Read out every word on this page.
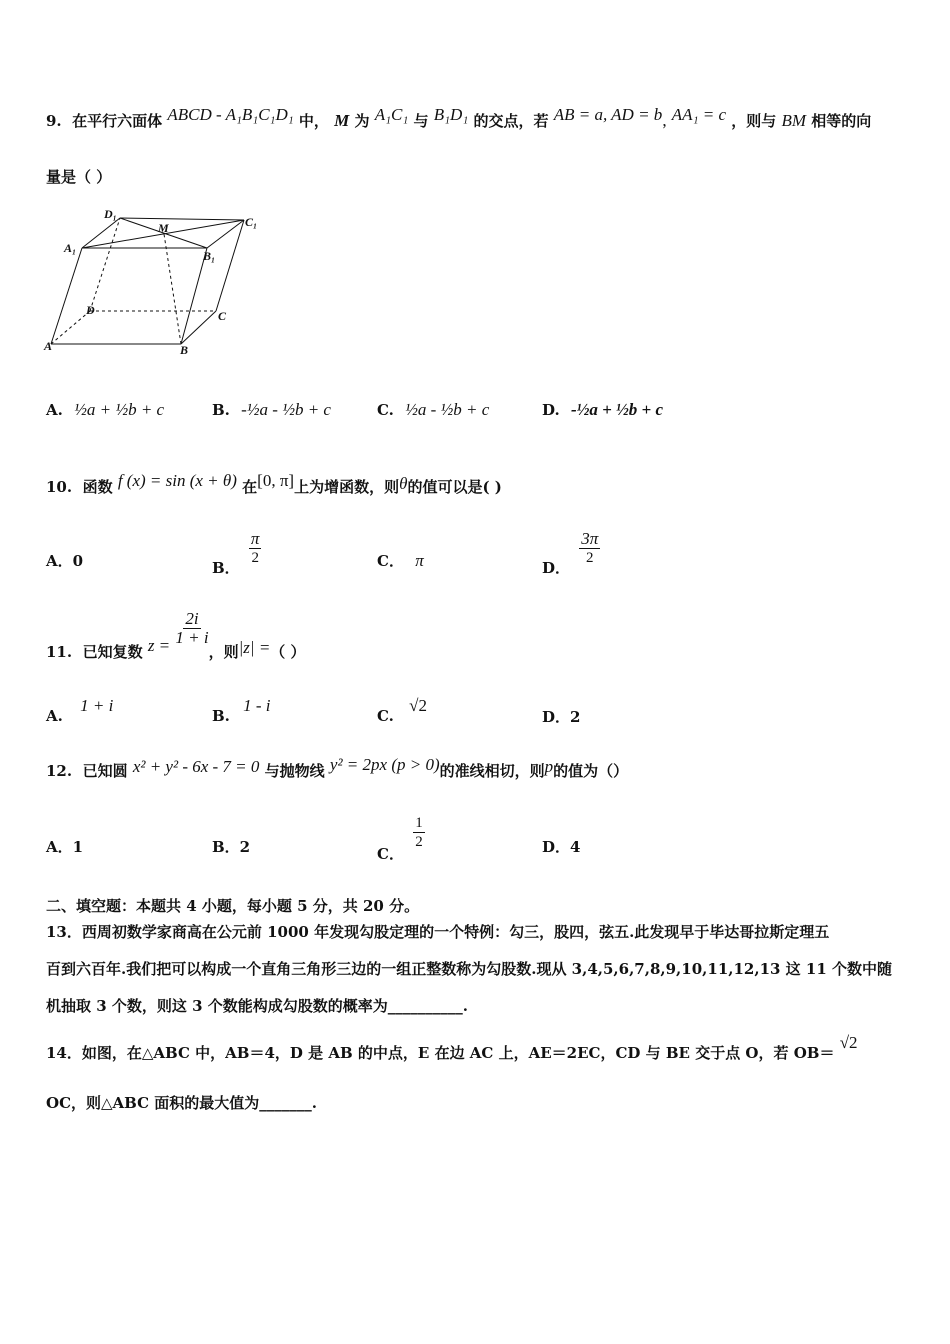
9. 在平行六面体 ABCD - A₁B₁C₁D₁ 中， M 为 A₁C₁ 与 B₁D₁ 的交点，若 AB = a, AD = b, AA₁ = c ，则与 BM 相等的向
量是（ ）
D₁
M	C₁
A₁
B₁
D	C
A	B
A. ½a + ½b + c	B. -½a - ½b + c	C. ½a - ½b + c	D. -½a + ½b + c
10. 函数 f (x) = sin (x + θ) 在[0, π]上为增函数，则θ的值可以是( )
A．0	B．
$\frac{\pi}{2}$	C． π	D．
$\frac{3\pi}{2}$
11. 已知复数 $z = \frac{2i}{1 + i}$
，则|z| =（ ）
A. 1 + i
B. 1 - i
C. √2
D．2
12. 已知圆 x² + y² - 6x - 7 = 0 与抛物线 y² = 2px (p > 0)的准线相切，则p的值为（）
A．1	B．2	C．
$\frac{1}{2}$	D．4
二、填空题：本题共 4 小题，每小题 5 分，共 20 分。
13．西周初数学家商高在公元前 1000 年发现勾股定理的一个特例：勾三，股四，弦五.此发现早于毕达哥拉斯定理五
百到六百年.我们把可以构成一个直角三角形三边的一组正整数称为勾股数.现从 3,4,5,6,7,8,9,10,11,12,13 这 11 个数中随
机抽取 3 个数，则这 3 个数能构成勾股数的概率为__________.
14．如图，在△ABC 中，AB＝4，D 是 AB 的中点，E 在边 AC 上，AE＝2EC，CD 与 BE 交于点 O，若 OB＝ √2
OC，则△ABC 面积的最大值为_______.
